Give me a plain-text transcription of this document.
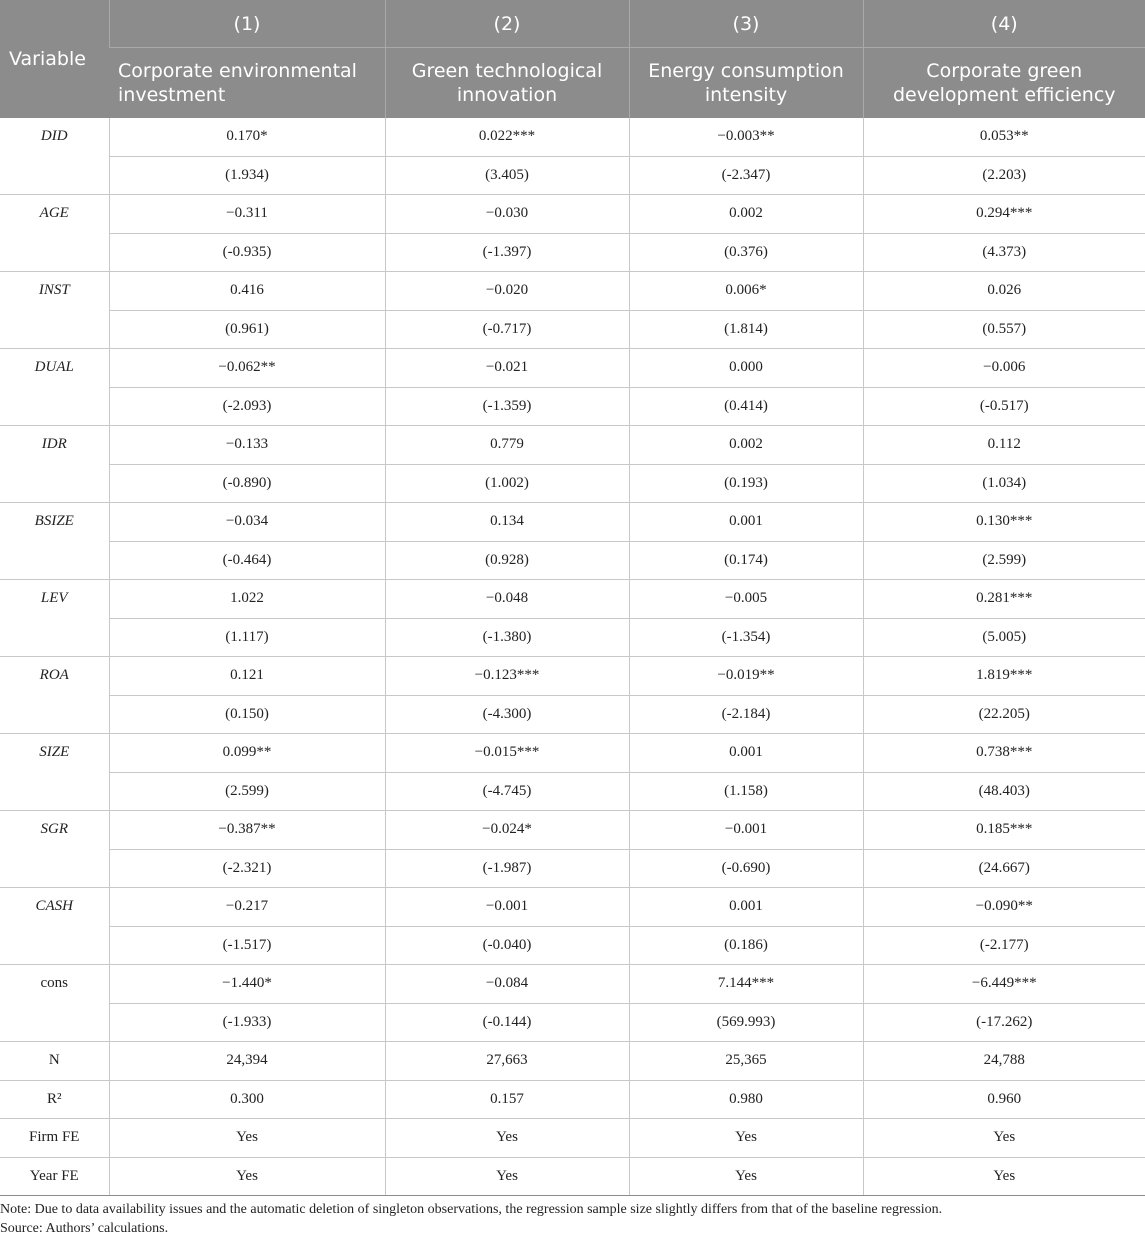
Variable	(1)	(2)	(3)	(4)
	Corporate environmental investment	Green technological innovation	Energy consumption intensity	Corporate green development efficiency
DID	0.170*	0.022***	−0.003**	0.053**
	(1.934)	(3.405)	(-2.347)	(2.203)
AGE	−0.311	−0.030	0.002	0.294***
	(-0.935)	(-1.397)	(0.376)	(4.373)
INST	0.416	−0.020	0.006*	0.026
	(0.961)	(-0.717)	(1.814)	(0.557)
DUAL	−0.062**	−0.021	0.000	−0.006
	(-2.093)	(-1.359)	(0.414)	(-0.517)
IDR	−0.133	0.779	0.002	0.112
	(-0.890)	(1.002)	(0.193)	(1.034)
BSIZE	−0.034	0.134	0.001	0.130***
	(-0.464)	(0.928)	(0.174)	(2.599)
LEV	1.022	−0.048	−0.005	0.281***
	(1.117)	(-1.380)	(-1.354)	(5.005)
ROA	0.121	−0.123***	−0.019**	1.819***
	(0.150)	(-4.300)	(-2.184)	(22.205)
SIZE	0.099**	−0.015***	0.001	0.738***
	(2.599)	(-4.745)	(1.158)	(48.403)
SGR	−0.387**	−0.024*	−0.001	0.185***
	(-2.321)	(-1.987)	(-0.690)	(24.667)
CASH	−0.217	−0.001	0.001	−0.090**
	(-1.517)	(-0.040)	(0.186)	(-2.177)
cons	−1.440*	−0.084	7.144***	−6.449***
	(-1.933)	(-0.144)	(569.993)	(-17.262)
N	24,394	27,663	25,365	24,788
R²	0.300	0.157	0.980	0.960
Firm FE	Yes	Yes	Yes	Yes
Year FE	Yes	Yes	Yes	Yes
Note: Due to data availability issues and the automatic deletion of singleton observations, the regression sample size slightly differs from that of the baseline regression.
Source: Authors’ calculations.
